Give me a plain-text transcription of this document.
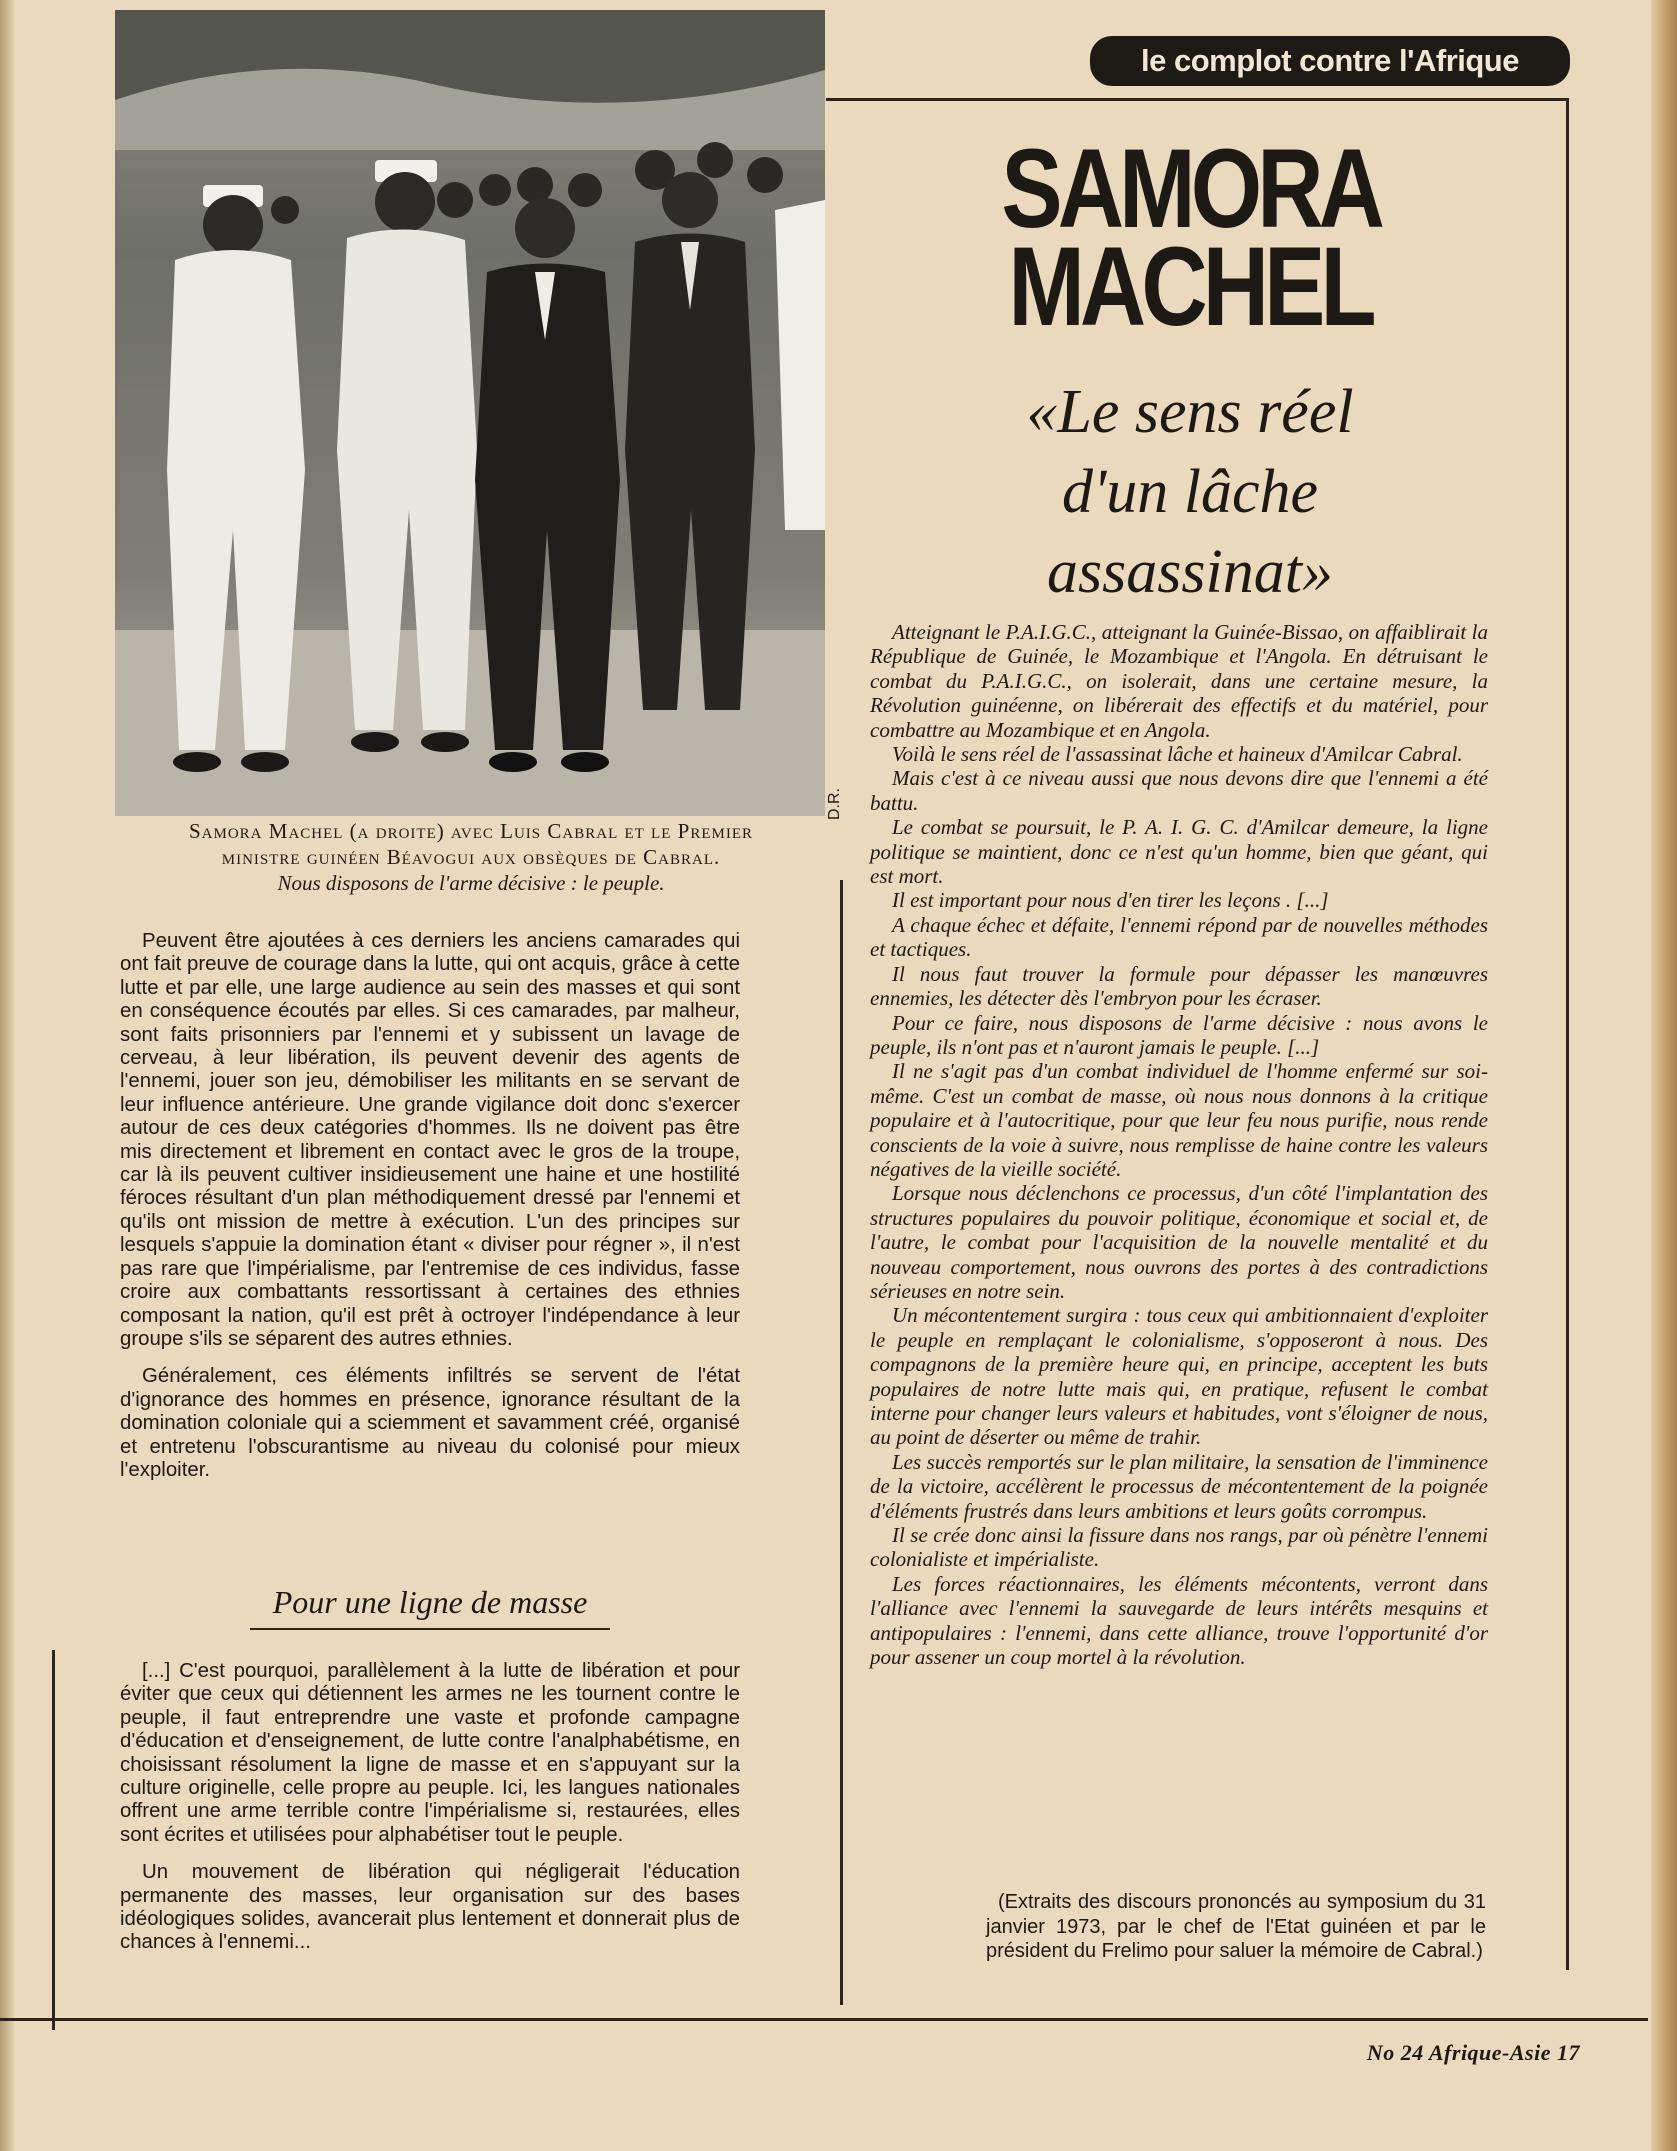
D.R.
Samora Machel (a droite) avec Luis Cabral et le Premier
ministre guinéen Béavogui aux obsèques de Cabral.
Nous disposons de l'arme décisive : le peuple.
le complot contre l'Afrique
SAMORA
MACHEL
«Le sens réel
d'un lâche
assassinat»

Atteignant le P.A.I.G.C., atteignant la Guinée-Bissao, on affaiblirait la République de Guinée, le Mozambique et l'Angola. En détruisant le combat du P.A.I.G.C., on isolerait, dans une certaine mesure, la Révolution guinéenne, on libérerait des effectifs et du matériel, pour combattre au Mozambique et en Angola.

Voilà le sens réel de l'assassinat lâche et haineux d'Amilcar Cabral.

Mais c'est à ce niveau aussi que nous devons dire que l'ennemi a été battu.

Le combat se poursuit, le P. A. I. G. C. d'Amilcar demeure, la ligne politique se maintient, donc ce n'est qu'un homme, bien que géant, qui est mort.

Il est important pour nous d'en tirer les leçons . [...]

A chaque échec et défaite, l'ennemi répond par de nouvelles méthodes et tactiques.

Il nous faut trouver la formule pour dépasser les manœuvres ennemies, les détecter dès l'embryon pour les écraser.

Pour ce faire, nous disposons de l'arme décisive : nous avons le peuple, ils n'ont pas et n'auront jamais le peuple. [...]

Il ne s'agit pas d'un combat individuel de l'homme enfermé sur soi-même. C'est un combat de masse, où nous nous donnons à la critique populaire et à l'autocritique, pour que leur feu nous purifie, nous rende conscients de la voie à suivre, nous remplisse de haine contre les valeurs négatives de la vieille société.

Lorsque nous déclenchons ce processus, d'un côté l'implantation des structures populaires du pouvoir politique, économique et social et, de l'autre, le combat pour l'acquisition de la nouvelle mentalité et du nouveau comportement, nous ouvrons des portes à des contradictions sérieuses en notre sein.

Un mécontentement surgira : tous ceux qui ambitionnaient d'exploiter le peuple en remplaçant le colonialisme, s'opposeront à nous. Des compagnons de la première heure qui, en principe, acceptent les buts populaires de notre lutte mais qui, en pratique, refusent le combat interne pour changer leurs valeurs et habitudes, vont s'éloigner de nous, au point de déserter ou même de trahir.

Les succès remportés sur le plan militaire, la sensation de l'imminence de la victoire, accélèrent le processus de mécontentement de la poignée d'éléments frustrés dans leurs ambitions et leurs goûts corrompus.

Il se crée donc ainsi la fissure dans nos rangs, par où pénètre l'ennemi colonialiste et impérialiste.

Les forces réactionnaires, les éléments mécontents, verront dans l'alliance avec l'ennemi la sauvegarde de leurs intérêts mesquins et antipopulaires : l'ennemi, dans cette alliance, trouve l'opportunité d'or pour assener un coup mortel à la révolution.

(Extraits des discours prononcés au symposium du 31 janvier 1973, par le chef de l'Etat guinéen et par le président du Frelimo pour saluer la mémoire de Cabral.)

Peuvent être ajoutées à ces derniers les anciens camarades qui ont fait preuve de courage dans la lutte, qui ont acquis, grâce à cette lutte et par elle, une large audience au sein des masses et qui sont en conséquence écoutés par elles. Si ces camarades, par malheur, sont faits prisonniers par l'ennemi et y subissent un lavage de cerveau, à leur libération, ils peuvent devenir des agents de l'ennemi, jouer son jeu, démobiliser les militants en se servant de leur influence antérieure. Une grande vigilance doit donc s'exercer autour de ces deux catégories d'hommes. Ils ne doivent pas être mis directement et librement en contact avec le gros de la troupe, car là ils peuvent cultiver insidieusement une haine et une hostilité féroces résultant d'un plan méthodiquement dressé par l'ennemi et qu'ils ont mission de mettre à exécution. L'un des principes sur lesquels s'appuie la domination étant « diviser pour régner », il n'est pas rare que l'impérialisme, par l'entremise de ces individus, fasse croire aux combattants ressortissant à certaines des ethnies composant la nation, qu'il est prêt à octroyer l'indépendance à leur groupe s'ils se séparent des autres ethnies.

Généralement, ces éléments infiltrés se servent de l'état d'ignorance des hommes en présence, ignorance résultant de la domination coloniale qui a sciemment et savamment créé, organisé et entretenu l'obscurantisme au niveau du colonisé pour mieux l'exploiter.

Pour une ligne de masse

[...] C'est pourquoi, parallèlement à la lutte de libération et pour éviter que ceux qui détiennent les armes ne les tournent contre le peuple, il faut entreprendre une vaste et profonde campagne d'éducation et d'enseignement, de lutte contre l'analphabétisme, en choisissant résolument la ligne de masse et en s'appuyant sur la culture originelle, celle propre au peuple. Ici, les langues nationales offrent une arme terrible contre l'impérialisme si, restaurées, elles sont écrites et utilisées pour alphabétiser tout le peuple.

Un mouvement de libération qui négligerait l'éducation permanente des masses, leur organisation sur des bases idéologiques solides, avancerait plus lentement et donnerait plus de chances à l'ennemi...

No 24 Afrique-Asie 17
